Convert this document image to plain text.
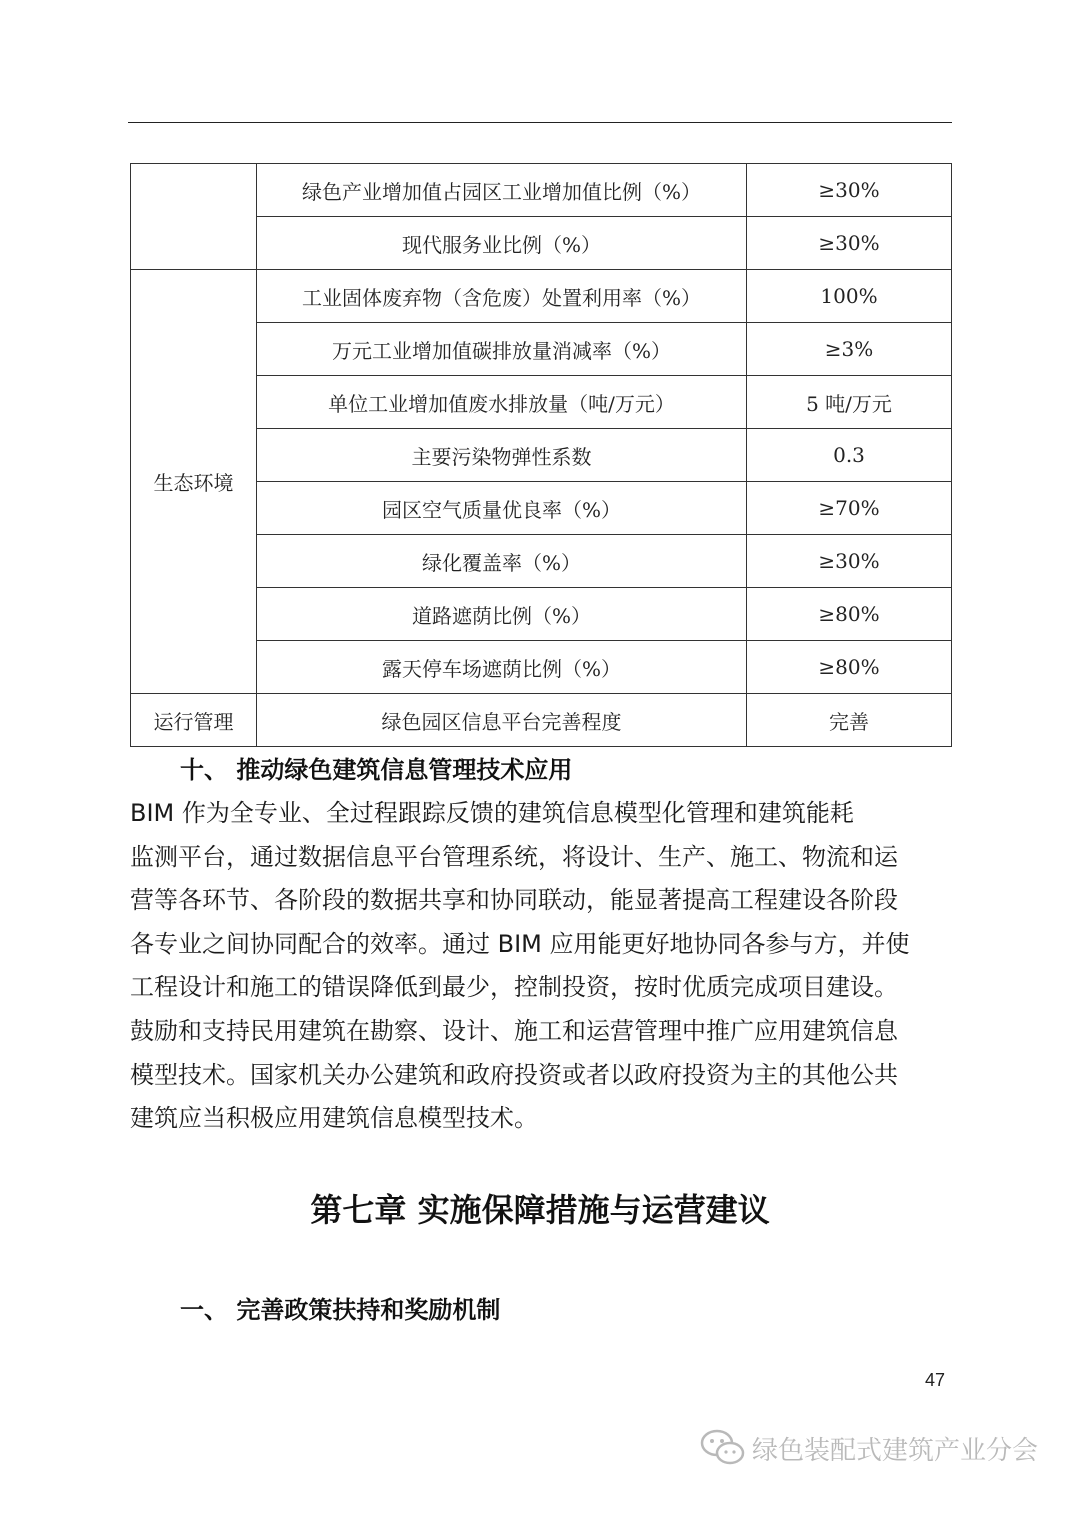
	绿色产业增加值占园区工业增加值比例（%）	≥30%
	现代服务业比例（%）	≥30%
生态环境	工业固体废弃物（含危废）处置利用率（%）	100%
	万元工业增加值碳排放量消减率（%）	≥3%
	单位工业增加值废水排放量（吨/万元）	5 吨/万元
	主要污染物弹性系数	0.3
	园区空气质量优良率（%）	≥70%
	绿化覆盖率（%）	≥30%
	道路遮荫比例（%）	≥80%
	露天停车场遮荫比例（%）	≥80%
运行管理	绿色园区信息平台完善程度	完善
十、 推动绿色建筑信息管理技术应用
BIM 作为全专业、全过程跟踪反馈的建筑信息模型化管理和建筑能耗
监测平台，通过数据信息平台管理系统，将设计、生产、施工、物流和运
营等各环节、各阶段的数据共享和协同联动，能显著提高工程建设各阶段
各专业之间协同配合的效率。通过 BIM 应用能更好地协同各参与方，并使
工程设计和施工的错误降低到最少，控制投资，按时优质完成项目建设。
鼓励和支持民用建筑在勘察、设计、施工和运营管理中推广应用建筑信息
模型技术。国家机关办公建筑和政府投资或者以政府投资为主的其他公共
建筑应当积极应用建筑信息模型技术。
第七章 实施保障措施与运营建议
一、 完善政策扶持和奖励机制
47
绿色装配式建筑产业分会
